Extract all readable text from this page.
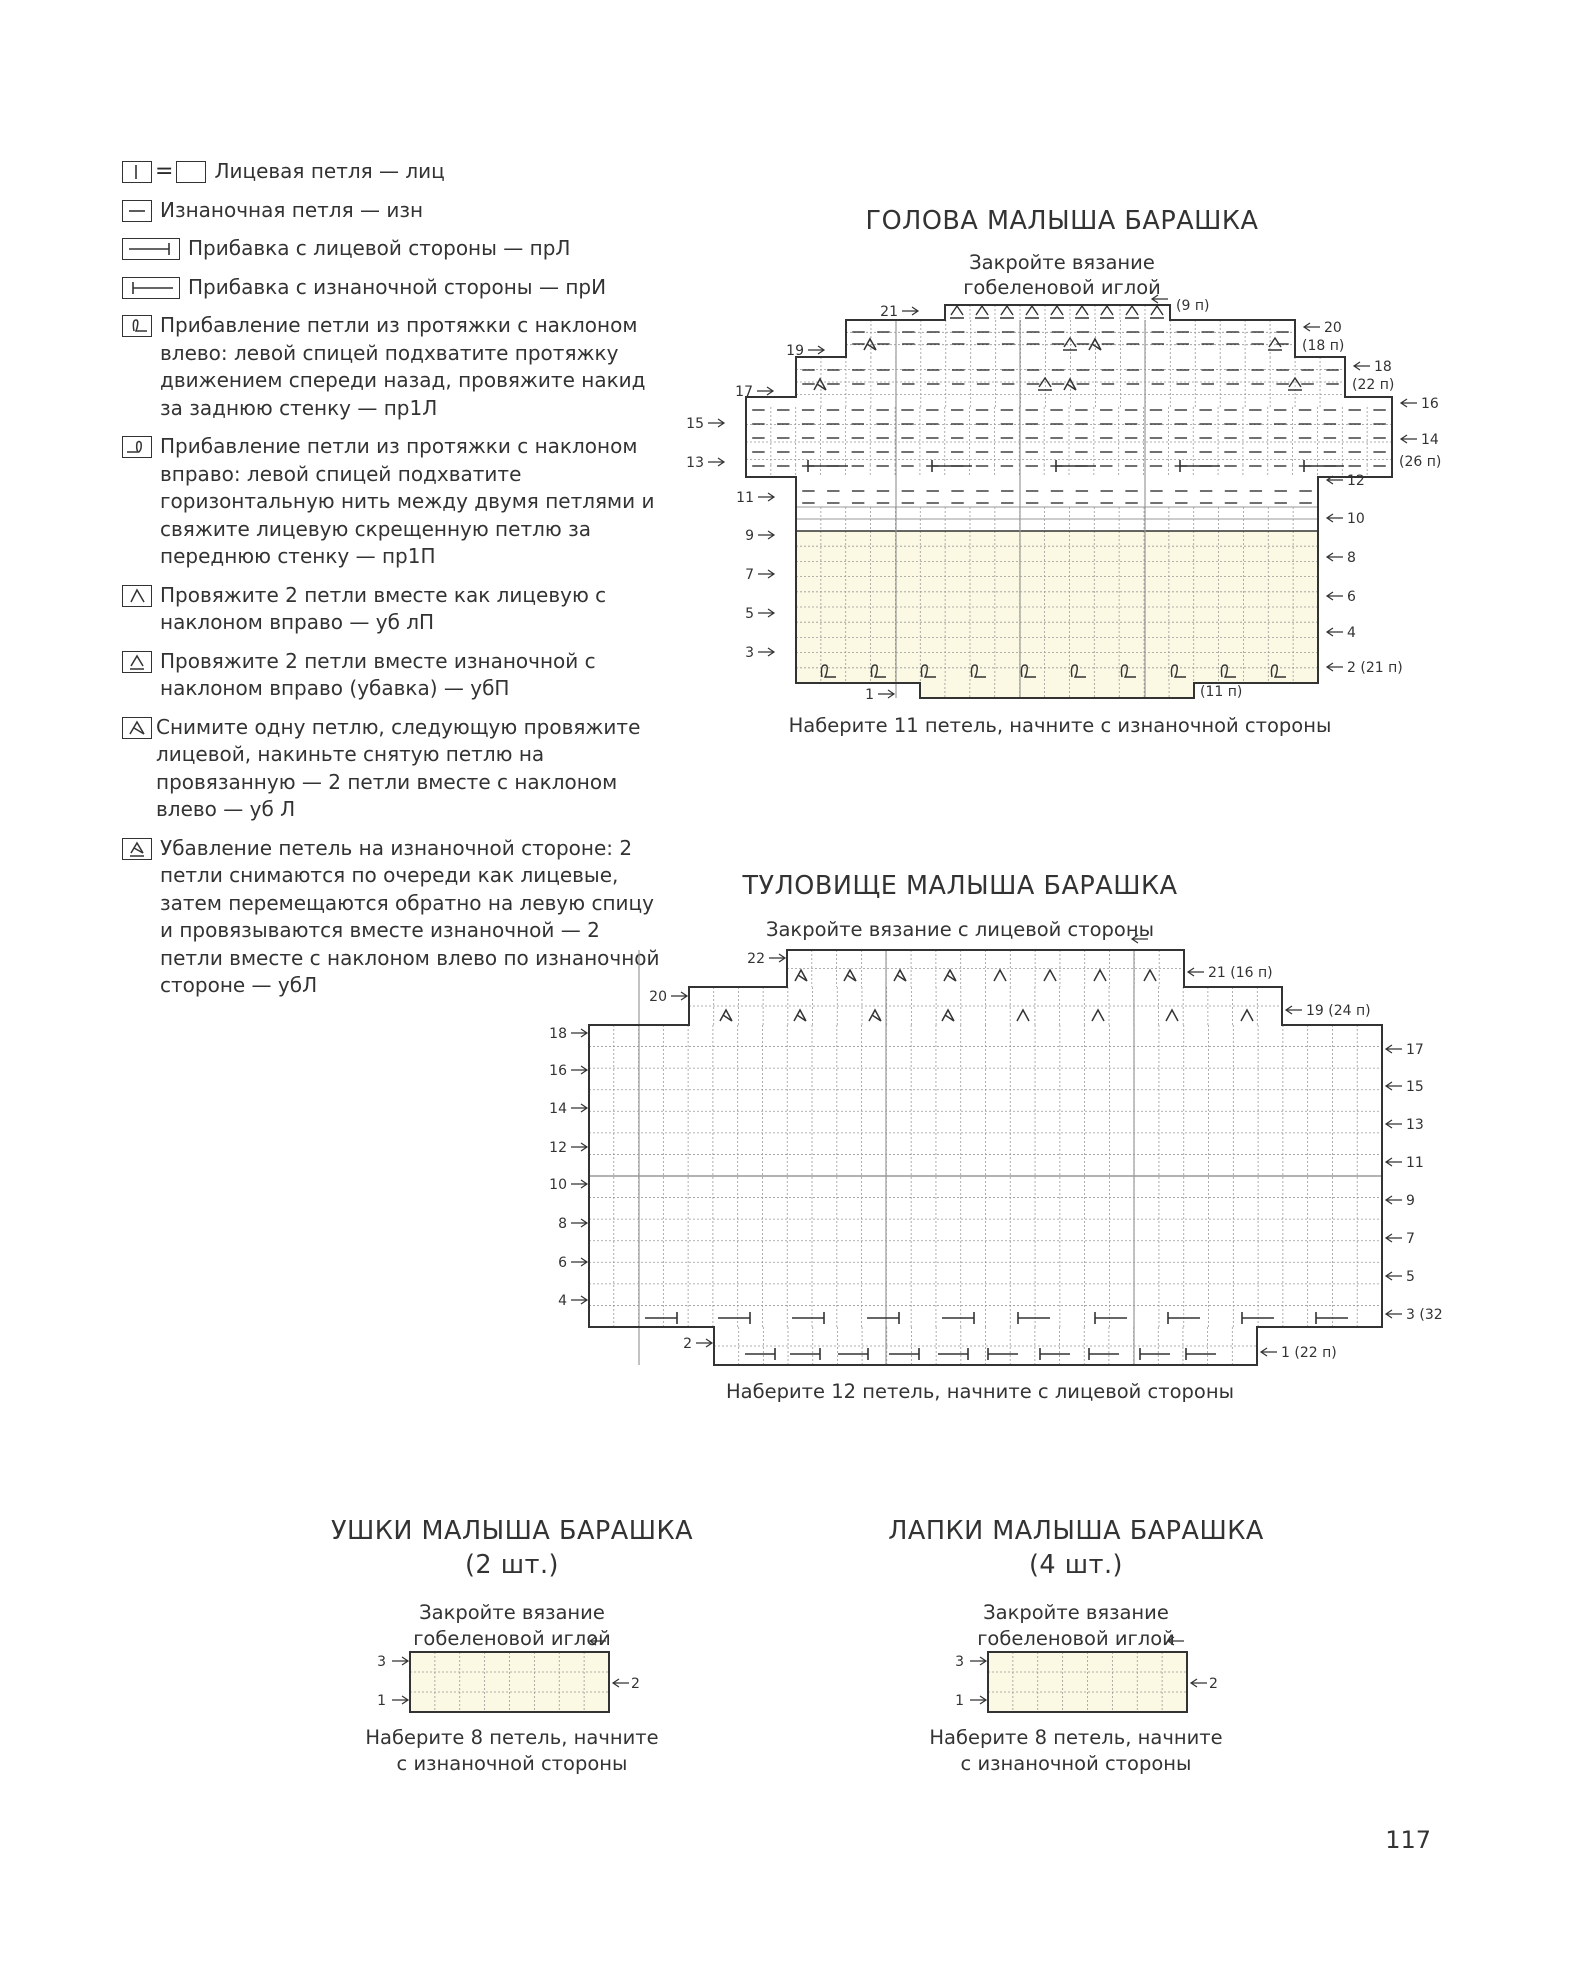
= Лицевая петля — лиц
Изнаночная петля — изн
Прибавка с лицевой стороны — прЛ
Прибавка с изнаночной стороны — прИ
Прибавление петли из протяжки с наклоном влево: левой спицей подхватите протяжку движением спереди назад, провяжите накид за заднюю стенку — пр1Л
Прибавление петли из протяжки с наклоном вправо: левой спицей подхватите горизонтальную нить между двумя петлями и свяжите лицевую скрещенную петлю за переднюю стенку — пр1П
Провяжите 2 петли вместе как лицевую с наклоном вправо — уб лП
Провяжите 2 петли вместе изнаночной с наклоном вправо (убавка) — убП
Снимите одну петлю, следующую провяжите лицевой, накиньте снятую петлю на провязанную — 2 петли вместе с наклоном влево — уб Л
Убавление петель на изнаночной стороне: 2 петли снимаются по очереди как лицевые, затем перемещаются обратно на левую спицу и провязываются вместе изнаночной — 2 петли вместе с наклоном влево по изнаночной стороне — убЛ
ГОЛОВА МАЛЫША БАРАШКА
Закройте вязание
гобеленовой иглой
21
19
17
15
13
11
9
7
5
3
1
(9 п)
20
(18 п)
18
(22 п)
16
14
(26 п)
12
10
8
6
4
2 (21 п)
(11 п)
22
20
18
16
14
12
10
8
6
4
2
21 (16 п)
19 (24 п)
17
15
13
11
9
7
5
3 (32
1 (22 п)
3
2
1
3
2
1
Наберите 11 петель, начните с изнаночной стороны
ТУЛОВИЩЕ МАЛЫША БАРАШКА
Закройте вязание с лицевой стороны
Наберите 12 петель, начните с лицевой стороны
УШКИ МАЛЫША БАРАШКА
(2 шт.)
Закройте вязание
гобеленовой иглой
Наберите 8 петель, начните
с изнаночной стороны
ЛАПКИ МАЛЫША БАРАШКА
(4 шт.)
Закройте вязание
гобеленовой иглой
Наберите 8 петель, начните
с изнаночной стороны
117
